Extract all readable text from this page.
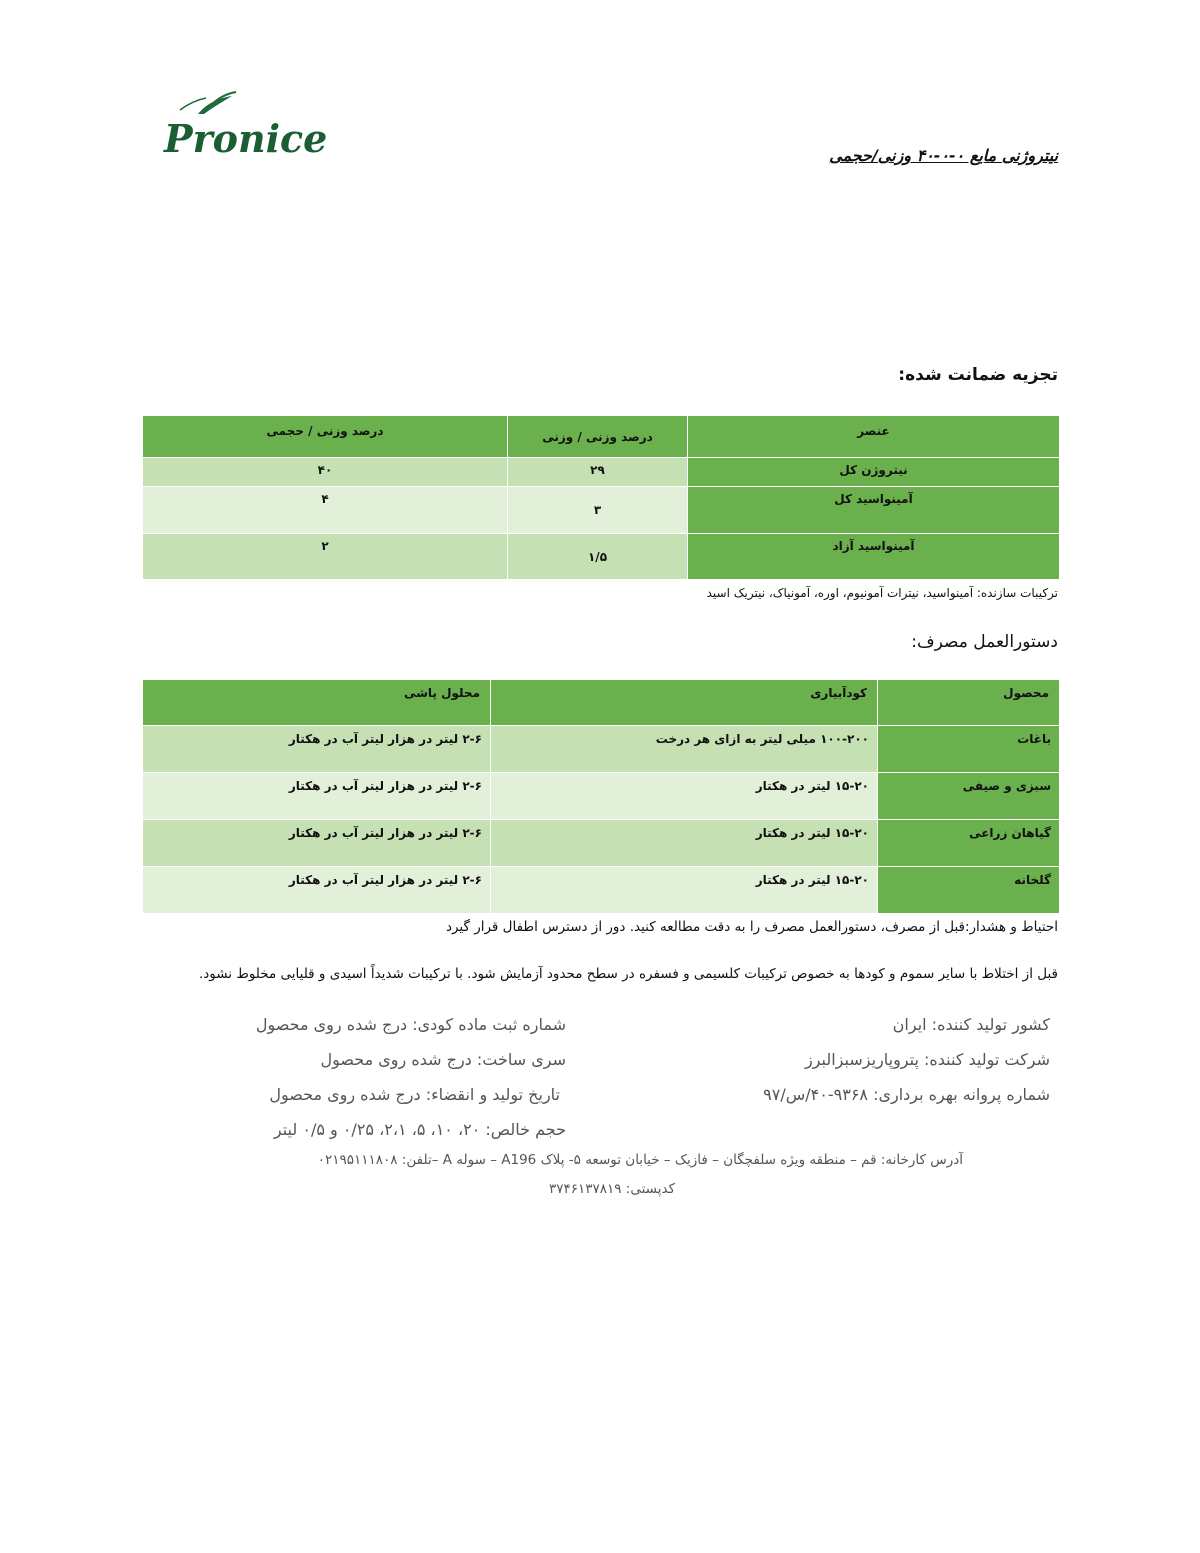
Pronice	نیتروژنی مایع ۰-۰-۴۰ وزنی/حجمی
تجزیه ضمانت شده:
عنصر	درصد وزنی / وزنی	درصد وزنی / حجمی
نیتروژن کل	۲۹	۴۰
آمینواسید کل	۳	۴
آمینواسید آزاد	۱/۵	۲
ترکیبات سازنده: آمینواسید، نیترات آمونیوم، اوره، آمونیاک، نیتریک اسید
دستورالعمل مصرف:
محصول	کودآبیاری	محلول پاشی
باغات	۱۰۰-۲۰۰ میلی لیتر به ازای هر درخت	۲-۶ لیتر در هزار لیتر آب در هکتار
سبزی و صیفی	۱۵-۲۰ لیتر در هکتار	۲-۶ لیتر در هزار لیتر آب در هکتار
گیاهان زراعی	۱۵-۲۰ لیتر در هکتار	۲-۶ لیتر در هزار لیتر آب در هکتار
گلخانه	۱۵-۲۰ لیتر در هکتار	۲-۶ لیتر در هزار لیتر آب در هکتار
احتیاط و هشدار:قبل از مصرف، دستورالعمل مصرف را به دقت مطالعه کنید. دور از دسترس اطفال قرار گیرد
قبل از اختلاط با سایر سموم و کودها به خصوص ترکیبات کلسیمی و فسفره در سطح محدود آزمایش شود. با ترکیبات شدیداً اسیدی و قلیایی مخلوط نشود.
کشور تولید کننده: ایران
شرکت تولید کننده: پتروپاریزسبزالبرز
شماره پروانه بهره برداری: ۹۳۶۸-۴۰/س/۹۷
شماره ثبت ماده کودی: درج شده روی محصول
سری ساخت: درج شده روی محصول
تاریخ تولید و انقضاء: درج شده روی محصول
حجم خالص: ۲۰، ۱۰، ۵، ۲،۱، ۰/۲۵ و ۰/۵ لیتر
آدرس کارخانه: قم – منطقه ویژه سلفچگان – فازیک – خیابان توسعه ۵- پلاک A196 – سوله A –تلفن: ۰۲۱۹۵۱۱۱۸۰۸
کدپستی: ۳۷۴۶۱۳۷۸۱۹
